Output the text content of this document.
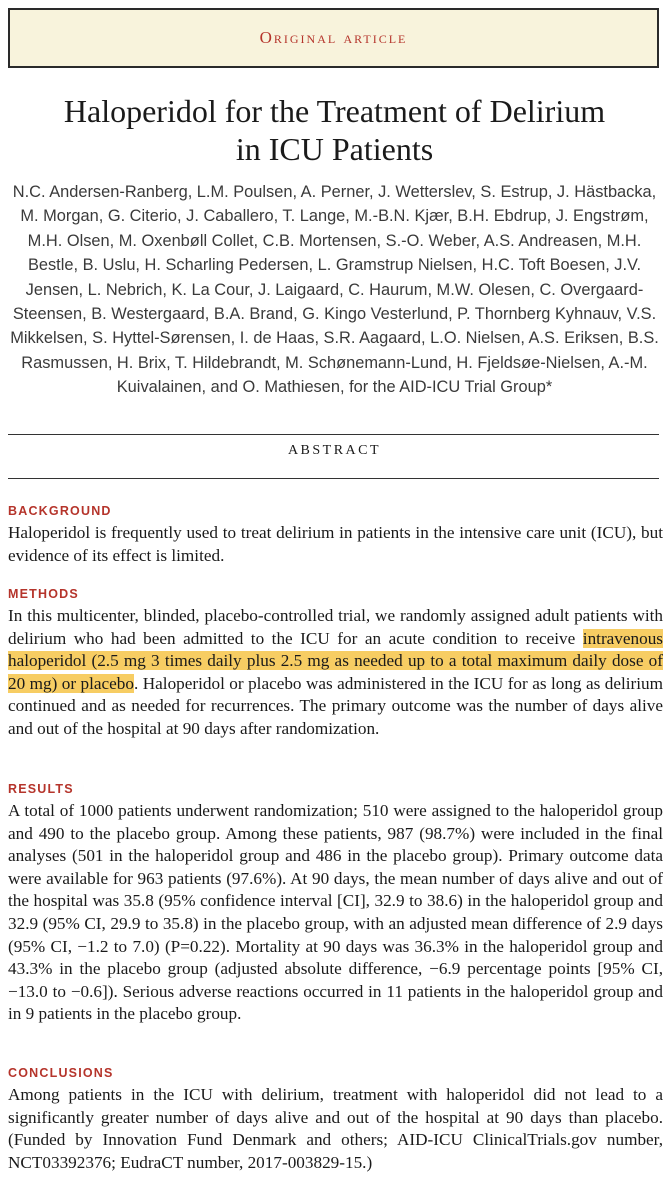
Original article
Haloperidol for the Treatment of Delirium
in ICU Patients
N.C. Andersen-Ranberg, L.M. Poulsen, A. Perner, J. Wetterslev, S. Estrup, J. Hästbacka, M. Morgan, G. Citerio, J. Caballero, T. Lange, M.-B.N. Kjær, B.H. Ebdrup, J. Engstrøm, M.H. Olsen, M. Oxenbøll Collet, C.B. Mortensen, S.-O. Weber, A.S. Andreasen, M.H. Bestle, B. Uslu, H. Scharling Pedersen, L. Gramstrup Nielsen, H.C. Toft Boesen, J.V. Jensen, L. Nebrich, K. La Cour, J. Laigaard, C. Haurum, M.W. Olesen, C. Overgaard-Steensen, B. Westergaard, B.A. Brand, G. Kingo Vesterlund, P. Thornberg Kyhnauv, V.S. Mikkelsen, S. Hyttel-Sørensen, I. de Haas, S.R. Aagaard, L.O. Nielsen, A.S. Eriksen, B.S. Rasmussen, H. Brix, T. Hildebrandt, M. Schønemann-Lund, H. Fjeldsøe-Nielsen, A.-M. Kuivalainen, and O. Mathiesen, for the AID-ICU Trial Group*
ABSTRACT
BACKGROUND
Haloperidol is frequently used to treat delirium in patients in the intensive care unit (ICU), but evidence of its effect is limited.
METHODS
In this multicenter, blinded, placebo-controlled trial, we randomly assigned adult patients with delirium who had been admitted to the ICU for an acute condition to receive intravenous haloperidol (2.5 mg 3 times daily plus 2.5 mg as needed up to a total maximum daily dose of 20 mg) or placebo. Haloperidol or placebo was administered in the ICU for as long as delirium continued and as needed for recurrences. The primary outcome was the number of days alive and out of the hospital at 90 days after randomization.
RESULTS
A total of 1000 patients underwent randomization; 510 were assigned to the haloperidol group and 490 to the placebo group. Among these patients, 987 (98.7%) were included in the final analyses (501 in the haloperidol group and 486 in the placebo group). Primary outcome data were available for 963 patients (97.6%). At 90 days, the mean number of days alive and out of the hospital was 35.8 (95% confidence interval [CI], 32.9 to 38.6) in the haloperidol group and 32.9 (95% CI, 29.9 to 35.8) in the placebo group, with an adjusted mean difference of 2.9 days (95% CI, −1.2 to 7.0) (P=0.22). Mortality at 90 days was 36.3% in the haloperidol group and 43.3% in the placebo group (adjusted absolute difference, −6.9 percentage points [95% CI, −13.0 to −0.6]). Serious adverse reactions occurred in 11 patients in the haloperidol group and in 9 patients in the placebo group.
CONCLUSIONS
Among patients in the ICU with delirium, treatment with haloperidol did not lead to a significantly greater number of days alive and out of the hospital at 90 days than placebo. (Funded by Innovation Fund Denmark and others; AID-ICU ClinicalTrials.gov number, NCT03392376; EudraCT number, 2017-003829-15.)
